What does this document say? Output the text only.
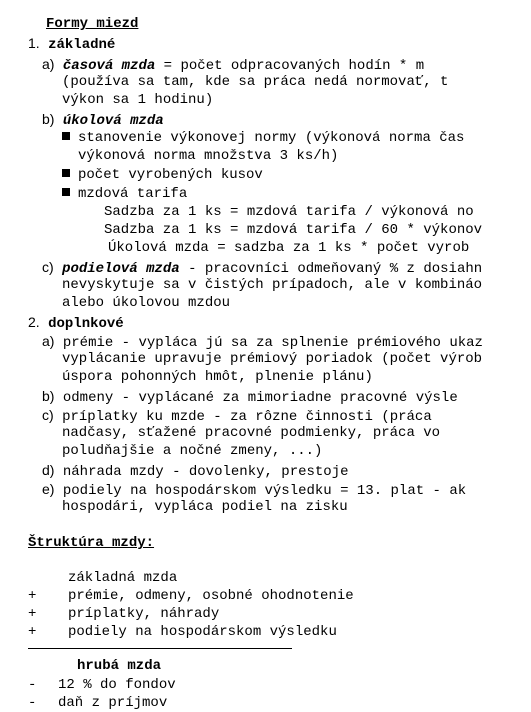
Formy miezd
1. základné
a) časová mzda = počet odpracovaných hodín * m
(používa sa tam, kde sa práca nedá normovať, t
výkon sa 1 hodinu)
b) úkolová mzda
stanovenie výkonovej normy (výkonová norma čas
výkonová norma množstva 3 ks/h)
počet vyrobených kusov
mzdová tarifa
Sadzba za 1 ks = mzdová tarifa / výkonová no
Sadzba za 1 ks = mzdová tarifa / 60 * výkonov
Úkolová mzda = sadzba za 1 ks * počet vyrob
c) podielová mzda - pracovníci odmeňovaný % z dosiahn
nevyskytuje sa v čistých prípadoch, ale v kombináo
alebo úkolovou mzdou
2. doplnkové
a) prémie - vypláca jú sa za splnenie prémiového ukaz
vyplácanie upravuje prémiový poriadok (počet výrob
úspora pohonných hmôt, plnenie plánu)
b) odmeny - vyplácané za mimoriadne pracovné výsle
c) príplatky ku mzde - za rôzne činnosti (práca
nadčasy, sťažené pracovné podmienky, práca vo
poludňajšie a nočné zmeny, ...)
d) náhrada mzdy - dovolenky, prestoje
e) podiely na hospodárskom výsledku = 13. plat - ak
hospodári, vypláca podiel na zisku
Štruktúra mzdy:
základná mzda
+ prémie, odmeny, osobné ohodnotenie
+ príplatky, náhrady
+ podiely na hospodárskom výsledku
hrubá mzda
- 12 % do fondov
- daň z príjmov
